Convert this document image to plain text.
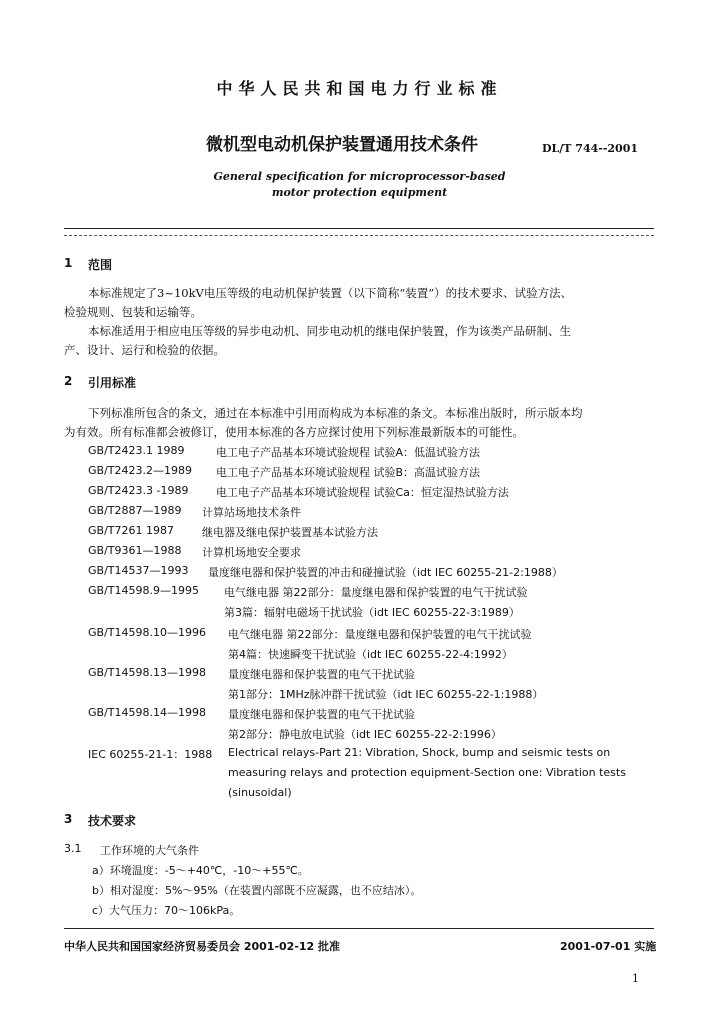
中华人民共和国电力行业标准
微机型电动机保护装置通用技术条件	DL/T 744--2001
General specification for microprocessor-based
motor protection equipment
1 范围
本标准规定了3~10kV电压等级的电动机保护装置（以下简称“装置”）的技术要求、试验方法、
检验规则、包装和运输等。
本标准适用于相应电压等级的异步电动机、同步电动机的继电保护装置，作为该类产品研制、生
产、设计、运行和检验的依据。
2 引用标准
下列标准所包含的条文，通过在本标准中引用而构成为本标准的条文。本标准出版时，所示版本均
为有效。所有标准都会被修订，使用本标准的各方应探讨使用下列标准最新版本的可能性。
GB/T2423.1 1989	电工电子产品基本环境试验规程 试验A：低温试验方法
GB/T2423.2—1989 电工电子产品基本环境试验规程 试验B：高温试验方法
GB/T2423.3 -1989	电工电子产品基本环境试验规程 试验Ca：恒定湿热试验方法
GB/T2887—1989 计算站场地技术条件
GB/T7261 1987	继电器及继电保护装置基本试验方法
GB/T9361—1988 计算机场地安全要求
GB/T14537—1993 量度继电器和保护装置的冲击和碰撞试验（idt IEC 60255-21-2:1988）
GB/T14598.9—1995 电气继电器 第22部分：量度继电器和保护装置的电气干扰试验
第3篇：辐射电磁场干扰试验（idt IEC 60255-22-3:1989）
GB/T14598.10—1996 电气继电器 第22部分：量度继电器和保护装置的电气干扰试验
第4篇：快速瞬变干扰试验（idt IEC 60255-22-4:1992）
GB/T14598.13—1998 量度继电器和保护装置的电气干扰试验
第1部分：1MHz脉冲群干扰试验（idt IEC 60255-22-1:1988）
GB/T14598.14—1998 量度继电器和保护装置的电气干扰试验
第2部分：静电放电试验（idt IEC 60255-22-2:1996）
IEC 60255-21-1：1988 Electrical relays-Part 21: Vibration, Shock, bump and seismic tests on
measuring relays and protection equipment-Section one: Vibration tests
(sinusoidal)
3 技术要求
3.1 工作环境的大气条件
a）环境温度：-5～+40℃，-10～+55℃。
b）相对湿度：5%～95%（在装置内部既不应凝露，也不应结冰）。
c）大气压力：70～106kPa。
中华人民共和国国家经济贸易委员会 2001-02-12 批准	2001-07-01 实施
1
